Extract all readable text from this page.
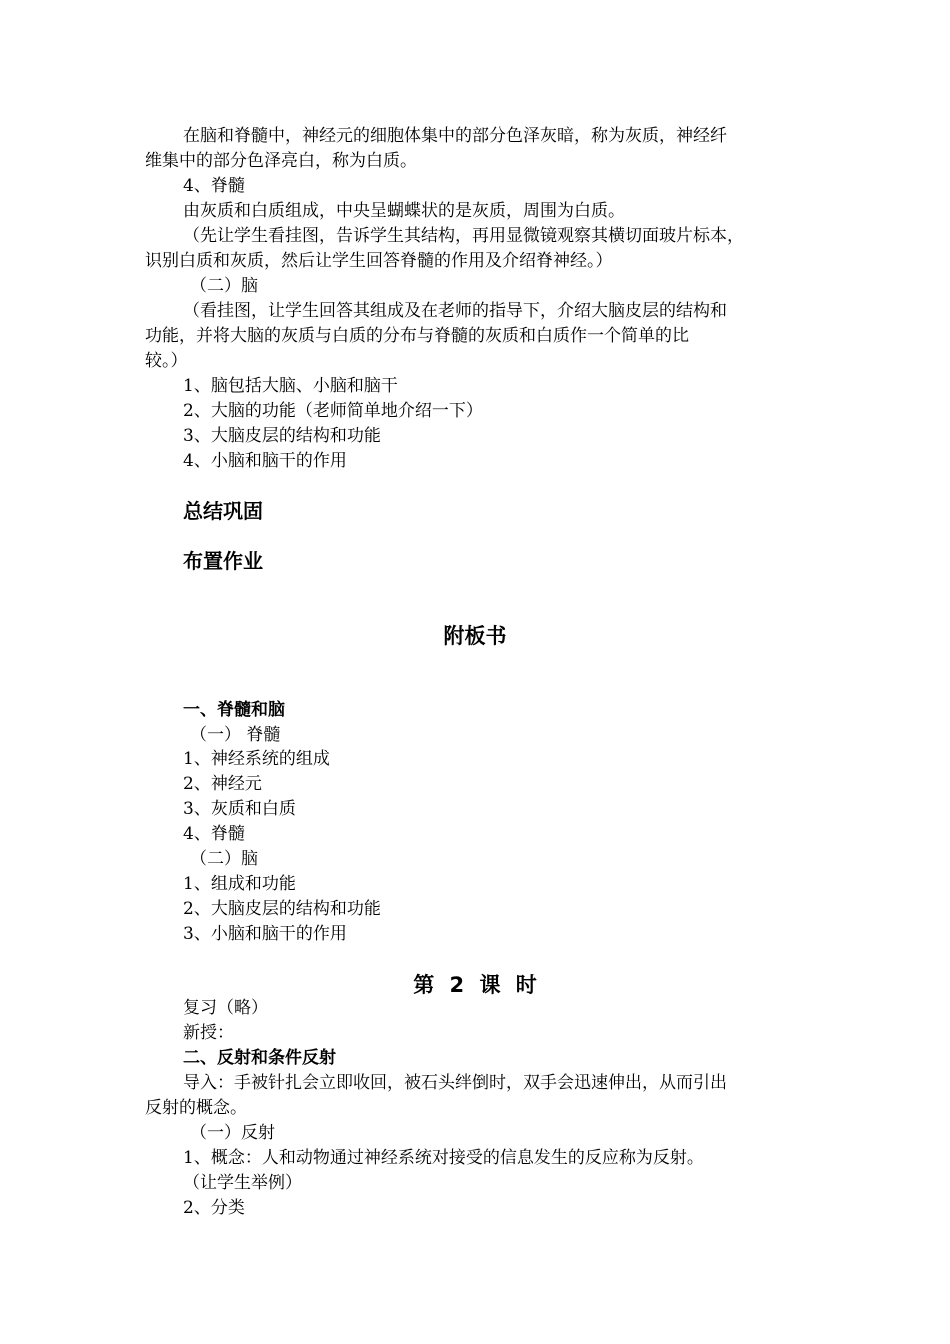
在脑和脊髓中，神经元的细胞体集中的部分色泽灰暗，称为灰质，神经纤
维集中的部分色泽亮白，称为白质。
4、脊髓
由灰质和白质组成，中央呈蝴蝶状的是灰质，周围为白质。
（先让学生看挂图，告诉学生其结构，再用显微镜观察其横切面玻片标本，
识别白质和灰质，然后让学生回答脊髓的作用及介绍脊神经。）
（二）脑
（看挂图，让学生回答其组成及在老师的指导下，介绍大脑皮层的结构和
功能，并将大脑的灰质与白质的分布与脊髓的灰质和白质作一个简单的比
较。）
1、脑包括大脑、小脑和脑干
2、大脑的功能（老师简单地介绍一下）
3、大脑皮层的结构和功能
4、小脑和脑干的作用
总结巩固
布置作业
附板书
一、脊髓和脑
（一） 脊髓
1、神经系统的组成
2、神经元
3、灰质和白质
4、脊髓
（二）脑
1、组成和功能
2、大脑皮层的结构和功能
3、小脑和脑干的作用
第 2 课 时
复习（略）
新授：
二、反射和条件反射
导入：手被针扎会立即收回，被石头绊倒时，双手会迅速伸出，从而引出
反射的概念。
（一）反射
1、概念：人和动物通过神经系统对接受的信息发生的反应称为反射。
（让学生举例）
2、分类
